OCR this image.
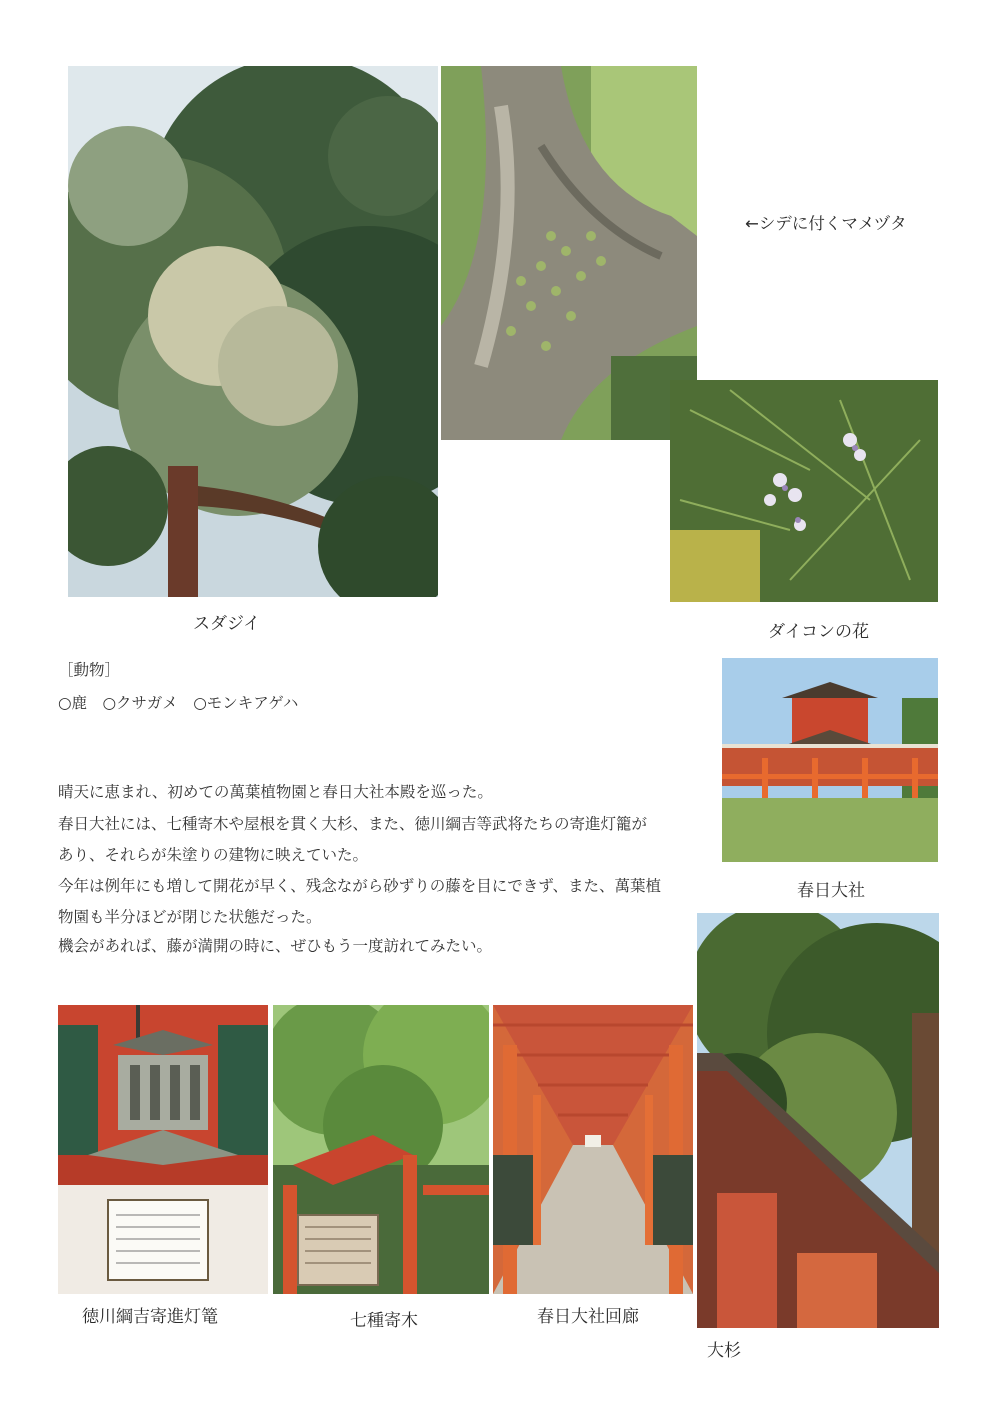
←シデに付くマメヅタ
ダイコンの花
スダジイ
［動物］
○鹿　○クサガメ　○モンキアゲハ
春日大社
晴天に恵まれ、初めての萬葉植物園と春日大社本殿を巡った。
春日大社には、七種寄木や屋根を貫く大杉、また、徳川綱吉等武将たちの寄進灯籠が
あり、それらが朱塗りの建物に映えていた。
今年は例年にも増して開花が早く、残念ながら砂ずりの藤を目にできず、また、萬葉植
物園も半分ほどが閉じた状態だった。
機会があれば、藤が満開の時に、ぜひもう一度訪れてみたい。
大杉
徳川綱吉寄進灯篭	七種寄木	春日大社回廊
